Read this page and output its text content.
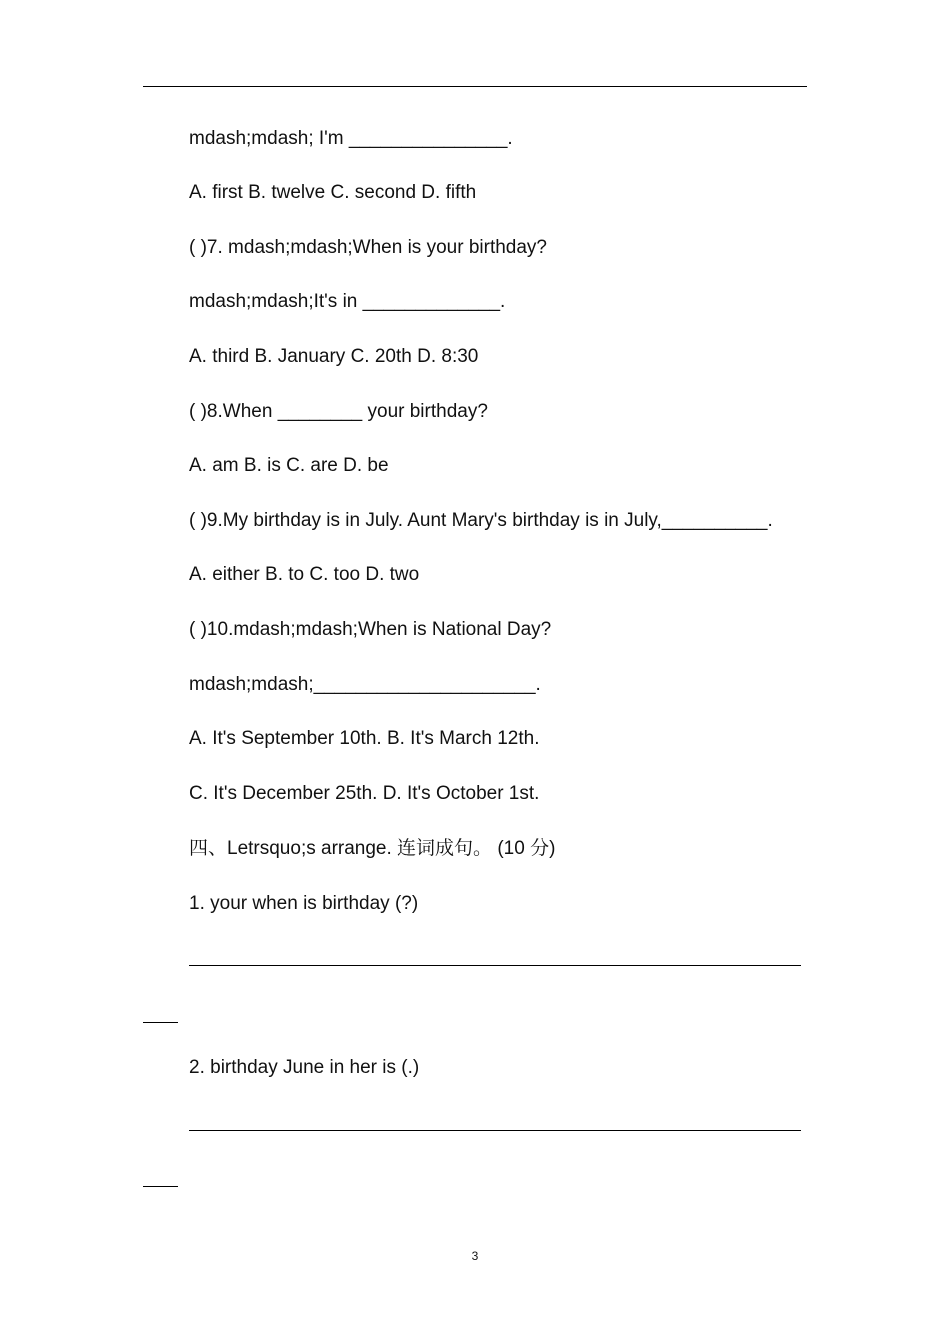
mdash;mdash; I'm _______________.
A. first B. twelve C. second D. fifth
( )7. mdash;mdash;When is your birthday?
mdash;mdash;It's in _____________.
A. third B. January C. 20th D. 8:30
( )8.When ________ your birthday?
A. am B. is C. are D. be
( )9.My birthday is in July. Aunt Mary's birthday is in July,__________.
A. either B. to C. too D. two
( )10.mdash;mdash;When is National Day?
mdash;mdash;_____________________.
A. It's September 10th. B. It's March 12th.
C. It's December 25th. D. It's October 1st.
四、Letrsquo;s arrange. 连词成句。 (10 分)
1. your when is birthday (?)
2. birthday June in her is (.)
3
